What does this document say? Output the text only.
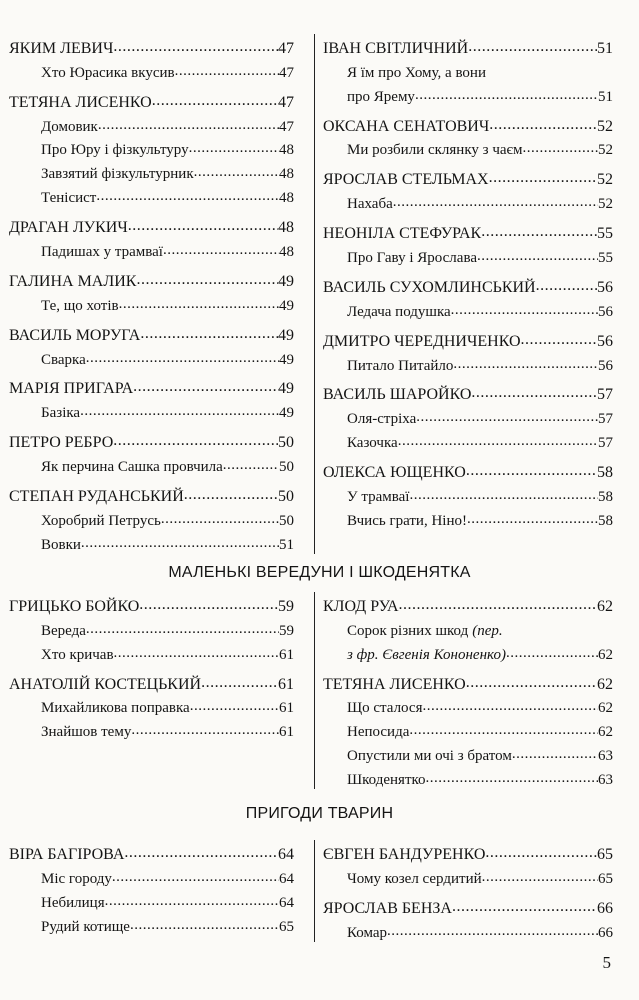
ЯКИМ ЛЕВИЧ .....	47
Хто Юрасика вкусив .....	47
ТЕТЯНА ЛИСЕНКО .....	47
Домовик .....	47
Про Юру і фізкультуру .....	48
Завзятий фізкультурник .....	48
Тенісист .....	48
ДРАГАН ЛУКИЧ .....	48
Падишах у трамваї .....	48
ГАЛИНА МАЛИК .....	49
Те, що хотів .....	49
ВАСИЛЬ МОРУГА .....	49
Сварка .....	49
МАРІЯ ПРИГАРА .....	49
Базіка .....	49
ПЕТРО РЕБРО .....	50
Як перчина Сашка провчила .....	50
СТЕПАН РУДАНСЬКИЙ .....	50
Хоробрий Петрусь .....	50
Вовки .....	51
ІВАН СВІТЛИЧНИЙ .....	51
Я їм про Хому, а вони
про Ярему .....	51
ОКСАНА СЕНАТОВИЧ .....	52
Ми розбили склянку з чаєм .....	52
ЯРОСЛАВ СТЕЛЬМАХ .....	52
Нахаба .....	52
НЕОНІЛА СТЕФУРАК .....	55
Про Гаву і Ярослава .....	55
ВАСИЛЬ СУХОМЛИНСЬКИЙ .....	56
Ледача подушка .....	56
ДМИТРО ЧЕРЕДНИЧЕНКО .....	56
Питало Питайло .....	56
ВАСИЛЬ ШАРОЙКО .....	57
Оля-стріха .....	57
Казочка .....	57
ОЛЕКСА ЮЩЕНКО .....	58
У трамваї .....	58
Вчись грати, Ніно! .....	58
МАЛЕНЬКІ ВЕРЕДУНИ І ШКОДЕНЯТКА
ГРИЦЬКО БОЙКО .....	59
Вереда .....	59
Хто кричав .....	61
АНАТОЛІЙ КОСТЕЦЬКИЙ .....	61
Михайликова поправка .....	61
Знайшов тему .....	61
КЛОД РУА .....	62
Сорок різних шкод (пер.
з фр. Євгенія Кононенко) .....	62
ТЕТЯНА ЛИСЕНКО .....	62
Що сталося .....	62
Непосида .....	62
Опустили ми очі з братом .....	63
Шкоденятко .....	63
ПРИГОДИ ТВАРИН
ВІРА БАГІРОВА .....	64
Міс городу .....	64
Небилиця .....	64
Рудий котище .....	65
ЄВГЕН БАНДУРЕНКО .....	65
Чому козел сердитий .....	65
ЯРОСЛАВ БЕНЗА .....	66
Комар .....	66
5
